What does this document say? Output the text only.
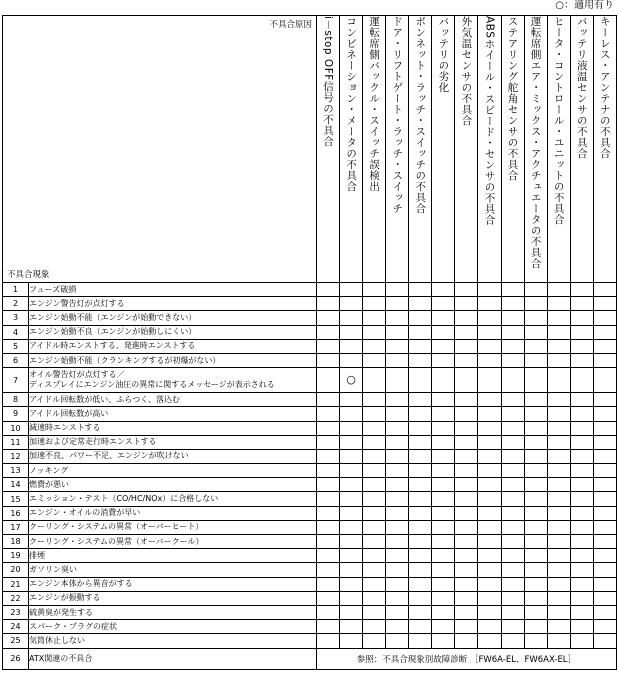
○：適用有り
不具合原因
不具合現象		i－stop OFF信号の不具合	コンビネーション・メータの不具合	運転席側バックル・スイッチ誤検出	ドア・リフトゲート・ラッチ・スイッチ	ボンネット・ラッチ・スイッチの不具合	バッテリの劣化	外気温センサの不具合	ABSホイール・スピード・センサの不具合	ステアリング舵角センサの不具合	運転席側エア・ミックス・アクチュエータの不具合	ヒータ・コントロール・ユニットの不具合	バッテリ液温センサの不具合	キーレス・アンテナの不具合
1	フューズ破損													
2	エンジン警告灯が点灯する													
3	エンジン始動不能（エンジンが始動できない）													
4	エンジン始動不良（エンジンが始動しにくい）													
5	アイドル時エンストする、発進時エンストする													
6	エンジン始動不能（クランキングするが初爆がない）													
7	オイル警告灯が点灯する／
ディスプレイにエンジン油圧の異常に関するメッセージが表示される		○											
8	アイドル回転数が低い、ふらつく、落込む													
9	アイドル回転数が高い													
10	減速時エンストする													
11	加速および定常走行時エンストする													
12	加速不良、パワー不足、エンジンが吹けない													
13	ノッキング													
14	燃費が悪い													
15	エミッション・テスト（CO/HC/NOx）に合格しない													
16	エンジン・オイルの消費が早い													
17	クーリング・システムの異常（オーバーヒート）													
18	クーリング・システムの異常（オーバークール）													
19	排煙													
20	ガソリン臭い													
21	エンジン本体から異音がする													
22	エンジンが振動する													
23	硫黄臭が発生する													
24	スパーク・プラグの症状													
25	気筒休止しない													
26	ATX関連の不具合	参照：不具合現象別故障診断 ［FW6A-EL、FW6AX-EL］												
